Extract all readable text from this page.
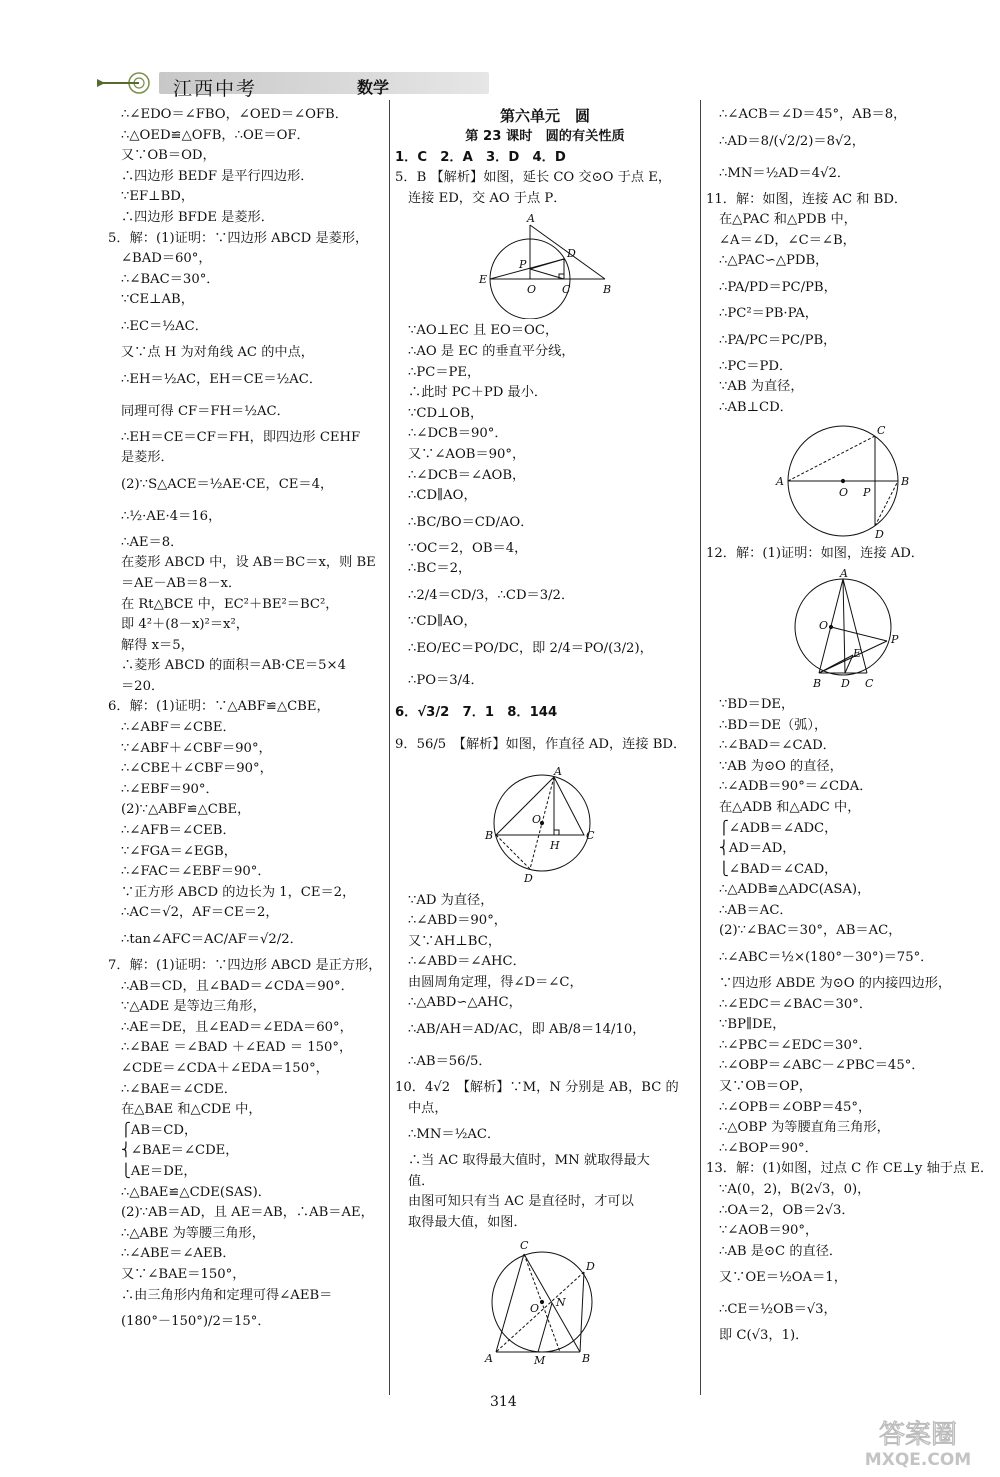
江西中考	数学
∴∠EDO＝∠FBO，∠OED＝∠OFB．
∴△OED≌△OFB，∴OE＝OF．
又∵OB＝OD，
∴四边形 BEDF 是平行四边形．
∵EF⊥BD，
∴四边形 BFDE 是菱形．
5．解：(1)证明：∵四边形 ABCD 是菱形，
∠BAD＝60°，
∴∠BAC＝30°．
∵CE⊥AB，
∴EC＝½AC．
又∵点 H 为对角线 AC 的中点，
∴EH＝½AC，EH＝CE＝½AC．
同理可得 CF＝FH＝½AC．
∴EH＝CE＝CF＝FH，即四边形 CEHF
是菱形．
(2)∵S△ACE＝½AE·CE，CE＝4，
∴½·AE·4＝16，
∴AE＝8．
在菱形 ABCD 中，设 AB＝BC＝x，则 BE
＝AE－AB＝8－x．
在 Rt△BCE 中，EC²＋BE²＝BC²，
即 4²＋(8－x)²＝x²，
解得 x＝5，
∴菱形 ABCD 的面积＝AB·CE＝5×4
＝20．
6．解：(1)证明：∵△ABF≌△CBE，
∴∠ABF＝∠CBE．
∵∠ABF＋∠CBF＝90°，
∴∠CBE＋∠CBF＝90°，
∴∠EBF＝90°．
(2)∵△ABF≌△CBE，
∴∠AFB＝∠CEB．
∵∠FGA＝∠EGB，
∴∠FAC＝∠EBF＝90°．
∵正方形 ABCD 的边长为 1，CE＝2，
∴AC＝√2，AF＝CE＝2，
∴tan∠AFC＝AC/AF＝√2/2．
7．解：(1)证明：∵四边形 ABCD 是正方形，
∴AB＝CD，且∠BAD＝∠CDA＝90°．
∵△ADE 是等边三角形，
∴AE＝DE，且∠EAD＝∠EDA＝60°，
∴∠BAE ＝∠BAD ＋∠EAD ＝ 150°，
∠CDE＝∠CDA＋∠EDA＝150°，
∴∠BAE＝∠CDE．
在△BAE 和△CDE 中，
⎧AB＝CD，
⎨∠BAE＝∠CDE，
⎩AE＝DE，
∴△BAE≌△CDE(SAS)．
(2)∵AB＝AD，且 AE＝AB，∴AB＝AE，
∴△ABE 为等腰三角形，
∴∠ABE＝∠AEB．
又∵∠BAE＝150°，
∴由三角形内角和定理可得∠AEB＝
(180°－150°)/2＝15°．
第六单元　圆
第 23 课时　圆的有关性质
1．C　2．A　3．D　4．D
5．B 【解析】如图，延长 CO 交⊙O 于点 E，
连接 ED，交 AO 于点 P．
A
D
P
E
O C	B
∵AO⊥EC 且 EO＝OC，
∴AO 是 EC 的垂直平分线，
∴PC＝PE，
∴此时 PC＋PD 最小．
∵CD⊥OB，
∴∠DCB＝90°．
又∵∠AOB＝90°，
∴∠DCB＝∠AOB，
∴CD∥AO，
∴BC/BO＝CD/AO．
∵OC＝2，OB＝4，
∴BC＝2，
∴2/4＝CD/3，∴CD＝3/2．
∵CD∥AO，
∴EO/EC＝PO/DC，即 2/4＝PO/(3/2)，
∴PO＝3/4．
6．√3/2　7．1　8．144
9．56/5　【解析】如图，作直径 AD，连接 BD．
A
O
B
H
C
D
∵AD 为直径，
∴∠ABD＝90°，
又∵AH⊥BC，
∴∠ABD＝∠AHC．
由圆周角定理，得∠D＝∠C，
∴△ABD∽△AHC，
∴AB/AH＝AD/AC，即 AB/8＝14/10，
∴AB＝56/5．
10．4√2　【解析】∵M，N 分别是 AB，BC 的
中点，
∴MN＝½AC．
∴当 AC 取得最大值时，MN 就取得最大
值．
由图可知只有当 AC 是直径时，才可以
取得最大值，如图．
C
D
O N
A	M	B
∴∠ACB＝∠D＝45°，AB＝8，
∴AD＝8/(√2/2)＝8√2，
∴MN＝½AD＝4√2．
11．解：如图，连接 AC 和 BD．
在△PAC 和△PDB 中，
∠A＝∠D，∠C＝∠B，
∴△PAC∽△PDB，
∴PA/PD＝PC/PB，
∴PC²＝PB·PA，
∴PA/PC＝PC/PB，
∴PC＝PD．
∵AB 为直径，
∴AB⊥CD．
C
A
O P
B
D
12．解：(1)证明：如图，连接 AD．
A
O
P
E
B D C
∵BD＝DE，
∴BD＝DE（弧），
∴∠BAD＝∠CAD．
∵AB 为⊙O 的直径，
∴∠ADB＝90°＝∠CDA．
在△ADB 和△ADC 中，
⎧∠ADB＝∠ADC，
⎨AD＝AD，
⎩∠BAD＝∠CAD，
∴△ADB≌△ADC(ASA)，
∴AB＝AC．
(2)∵∠BAC＝30°，AB＝AC，
∴∠ABC＝½×(180°－30°)＝75°．
∵四边形 ABDE 为⊙O 的内接四边形，
∴∠EDC＝∠BAC＝30°．
∵BP∥DE，
∴∠PBC＝∠EDC＝30°．
∴∠OBP＝∠ABC－∠PBC＝45°．
又∵OB＝OP，
∴∠OPB＝∠OBP＝45°，
∴△OBP 为等腰直角三角形，
∴∠BOP＝90°．
13．解：(1)如图，过点 C 作 CE⊥y 轴于点 E．
∵A(0，2)，B(2√3，0)，
∴OA＝2，OB＝2√3．
∵∠AOB＝90°，
∴AB 是⊙C 的直径．
又∵OE＝½OA＝1，
∴CE＝½OB＝√3，
即 C(√3，1)．
314
答案圈
MXQE.COM
